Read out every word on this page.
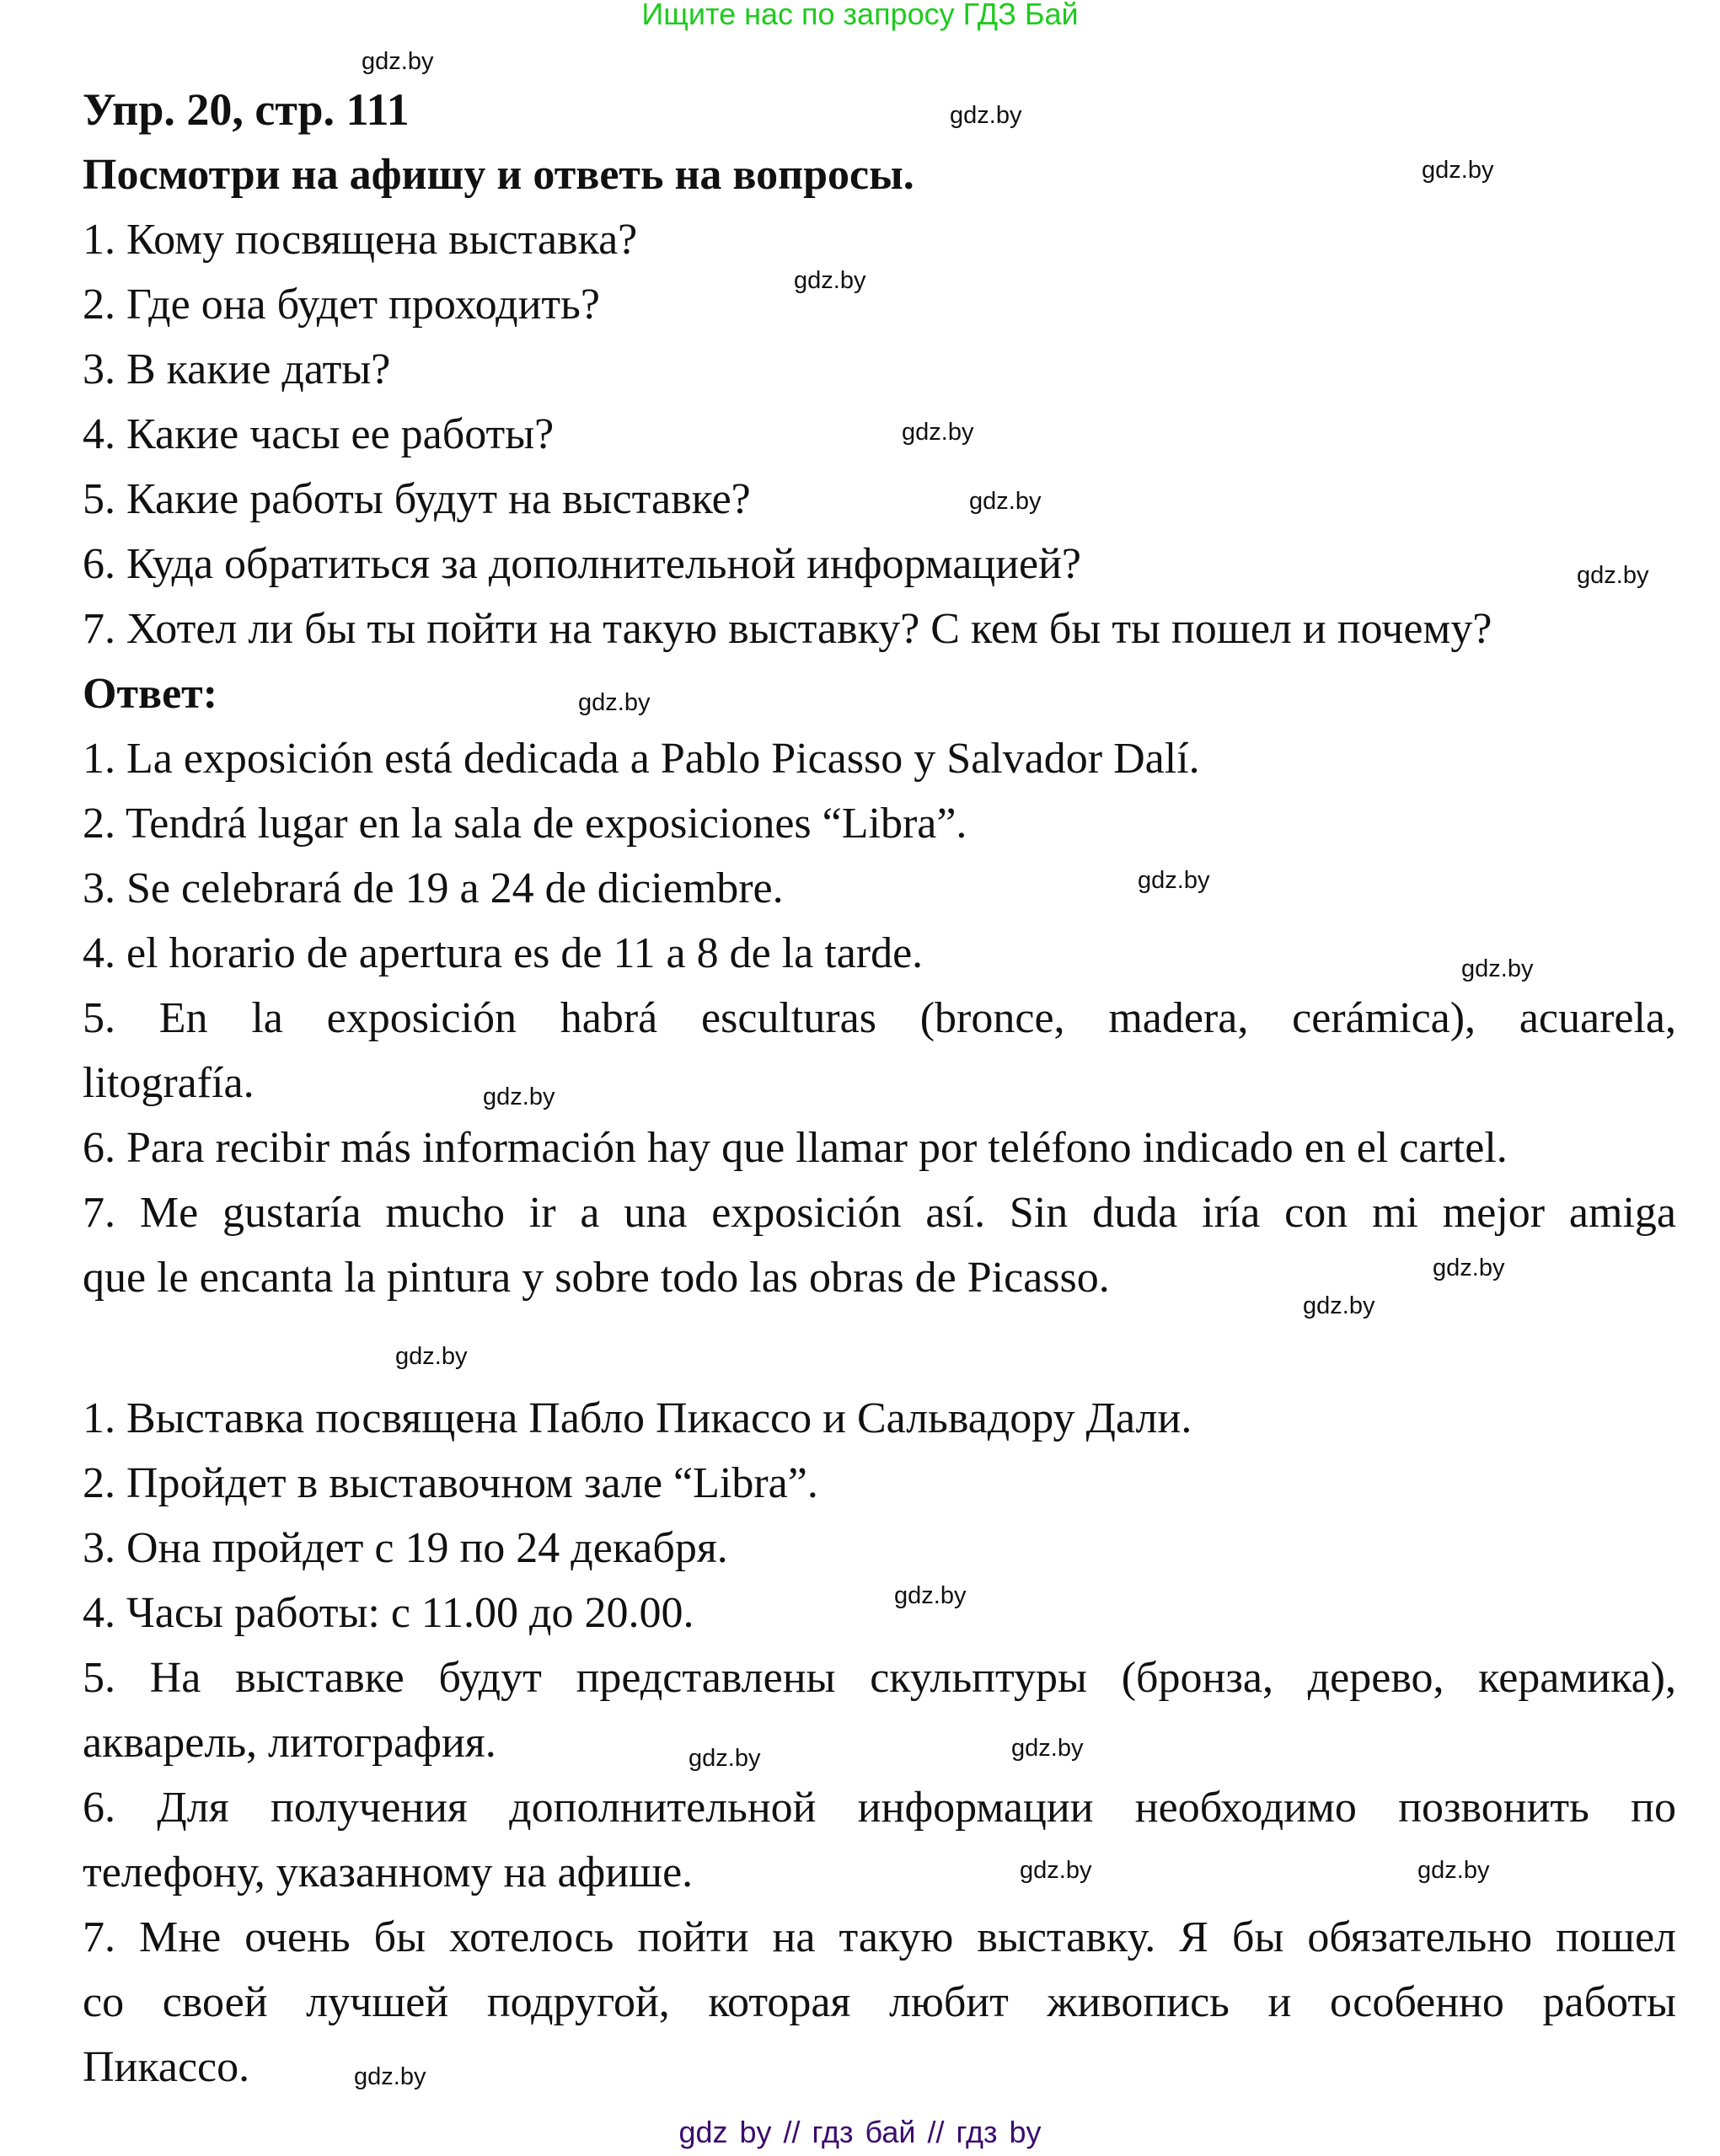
Ищите нас по запросу ГДЗ Бай
Упр. 20, стр. 111
Посмотри на афишу и ответь на вопросы.
1. Кому посвящена выставка?
2. Где она будет проходить?
3. В какие даты?
4. Какие часы ее работы?
5. Какие работы будут на выставке?
6. Куда обратиться за дополнительной информацией?
7. Хотел ли бы ты пойти на такую выставку? С кем бы ты пошел и почему?
Ответ:
1. La exposición está dedicada a Pablo Picasso y Salvador Dalí.
2. Tendrá lugar en la sala de exposiciones “Libra”.
3. Se celebrará de 19 a 24 de diciembre.
4. el horario de apertura es de 11 a 8 de la tarde.
5. En la exposición habrá esculturas (bronce, madera, cerámica), acuarela,
litografía.
6. Para recibir más información hay que llamar por teléfono indicado en el cartel.
7. Me gustaría mucho ir a una exposición así. Sin duda iría con mi mejor amiga
que le encanta la pintura y sobre todo las obras de Picasso.
1. Выставка посвящена Пабло Пикассо и Сальвадору Дали.
2. Пройдет в выставочном зале “Libra”.
3. Она пройдет с 19 по 24 декабря.
4. Часы работы: с 11.00 до 20.00.
5. На выставке будут представлены скульптуры (бронза, дерево, керамика),
акварель, литография.
6. Для получения дополнительной информации необходимо позвонить по
телефону, указанному на афише.
7. Мне очень бы хотелось пойти на такую выставку. Я бы обязательно пошел
со своей лучшей подругой, которая любит живопись и особенно работы
Пикассо.
gdz.by
gdz.by
gdz.by
gdz.by
gdz.by
gdz.by
gdz.by
gdz.by
gdz.by
gdz.by
gdz.by
gdz.by
gdz.by
gdz.by
gdz.by
gdz.by
gdz.by
gdz.by
gdz.by
gdz.by
gdz by // гдз бай // гдз by
